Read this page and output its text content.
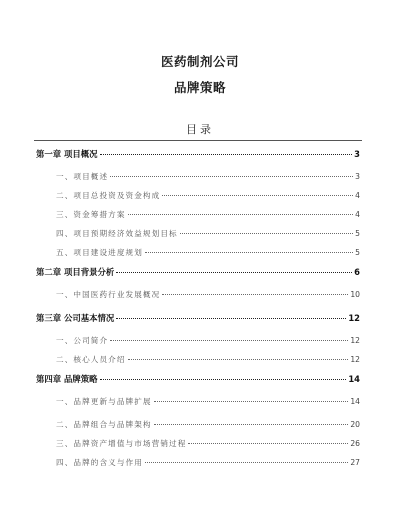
医药制剂公司
品牌策略
目录
第一章 项目概况	3
一、项目概述	3
二、项目总投资及资金构成	4
三、资金筹措方案	4
四、项目预期经济效益规划目标	5
五、项目建设进度规划	5
第二章 项目背景分析	6
一、中国医药行业发展概况	10
第三章 公司基本情况	12
一、公司简介	12
二、核心人员介绍	12
第四章 品牌策略	14
一、品牌更新与品牌扩展	14
二、品牌组合与品牌架构	20
三、品牌资产增值与市场营销过程	26
四、品牌的含义与作用	27
